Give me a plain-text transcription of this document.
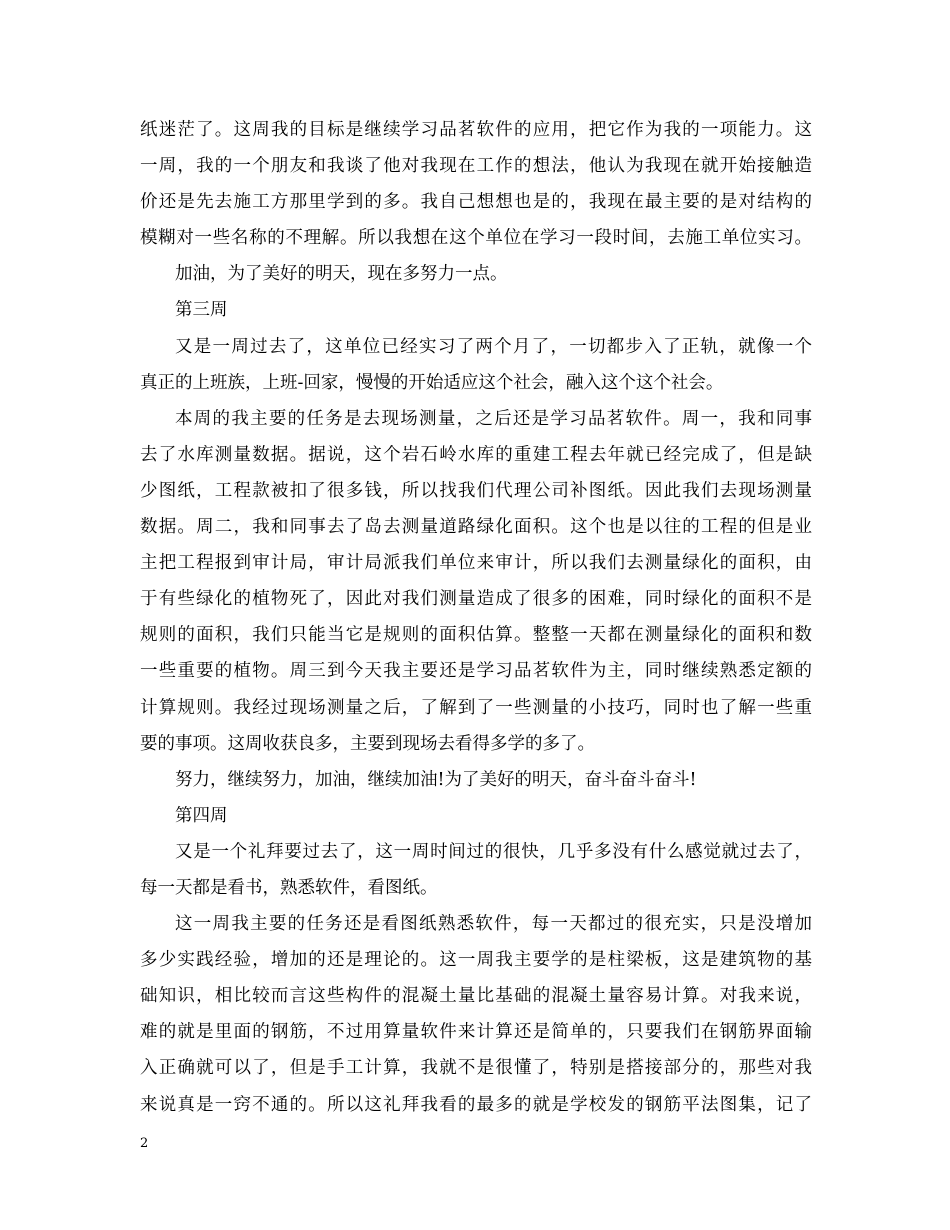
纸迷茫了。这周我的目标是继续学习品茗软件的应用，把它作为我的一项能力。这
一周，我的一个朋友和我谈了他对我现在工作的想法，他认为我现在就开始接触造
价还是先去施工方那里学到的多。我自己想想也是的，我现在最主要的是对结构的
模糊对一些名称的不理解。所以我想在这个单位在学习一段时间，去施工单位实习。
加油，为了美好的明天，现在多努力一点。
第三周
又是一周过去了，这单位已经实习了两个月了，一切都步入了正轨，就像一个
真正的上班族，上班-回家，慢慢的开始适应这个社会，融入这个这个社会。
本周的我主要的任务是去现场测量，之后还是学习品茗软件。周一，我和同事
去了水库测量数据。据说，这个岩石岭水库的重建工程去年就已经完成了，但是缺
少图纸，工程款被扣了很多钱，所以找我们代理公司补图纸。因此我们去现场测量
数据。周二，我和同事去了岛去测量道路绿化面积。这个也是以往的工程的但是业
主把工程报到审计局，审计局派我们单位来审计，所以我们去测量绿化的面积，由
于有些绿化的植物死了，因此对我们测量造成了很多的困难，同时绿化的面积不是
规则的面积，我们只能当它是规则的面积估算。整整一天都在测量绿化的面积和数
一些重要的植物。周三到今天我主要还是学习品茗软件为主，同时继续熟悉定额的
计算规则。我经过现场测量之后，了解到了一些测量的小技巧，同时也了解一些重
要的事项。这周收获良多，主要到现场去看得多学的多了。
努力，继续努力，加油，继续加油!为了美好的明天，奋斗奋斗奋斗!
第四周
又是一个礼拜要过去了，这一周时间过的很快，几乎多没有什么感觉就过去了，
每一天都是看书，熟悉软件，看图纸。
这一周我主要的任务还是看图纸熟悉软件，每一天都过的很充实，只是没增加
多少实践经验，增加的还是理论的。这一周我主要学的是柱梁板，这是建筑物的基
础知识，相比较而言这些构件的混凝土量比基础的混凝土量容易计算。对我来说，
难的就是里面的钢筋，不过用算量软件来计算还是简单的，只要我们在钢筋界面输
入正确就可以了，但是手工计算，我就不是很懂了，特别是搭接部分的，那些对我
来说真是一窍不通的。所以这礼拜我看的最多的就是学校发的钢筋平法图集，记了
2
